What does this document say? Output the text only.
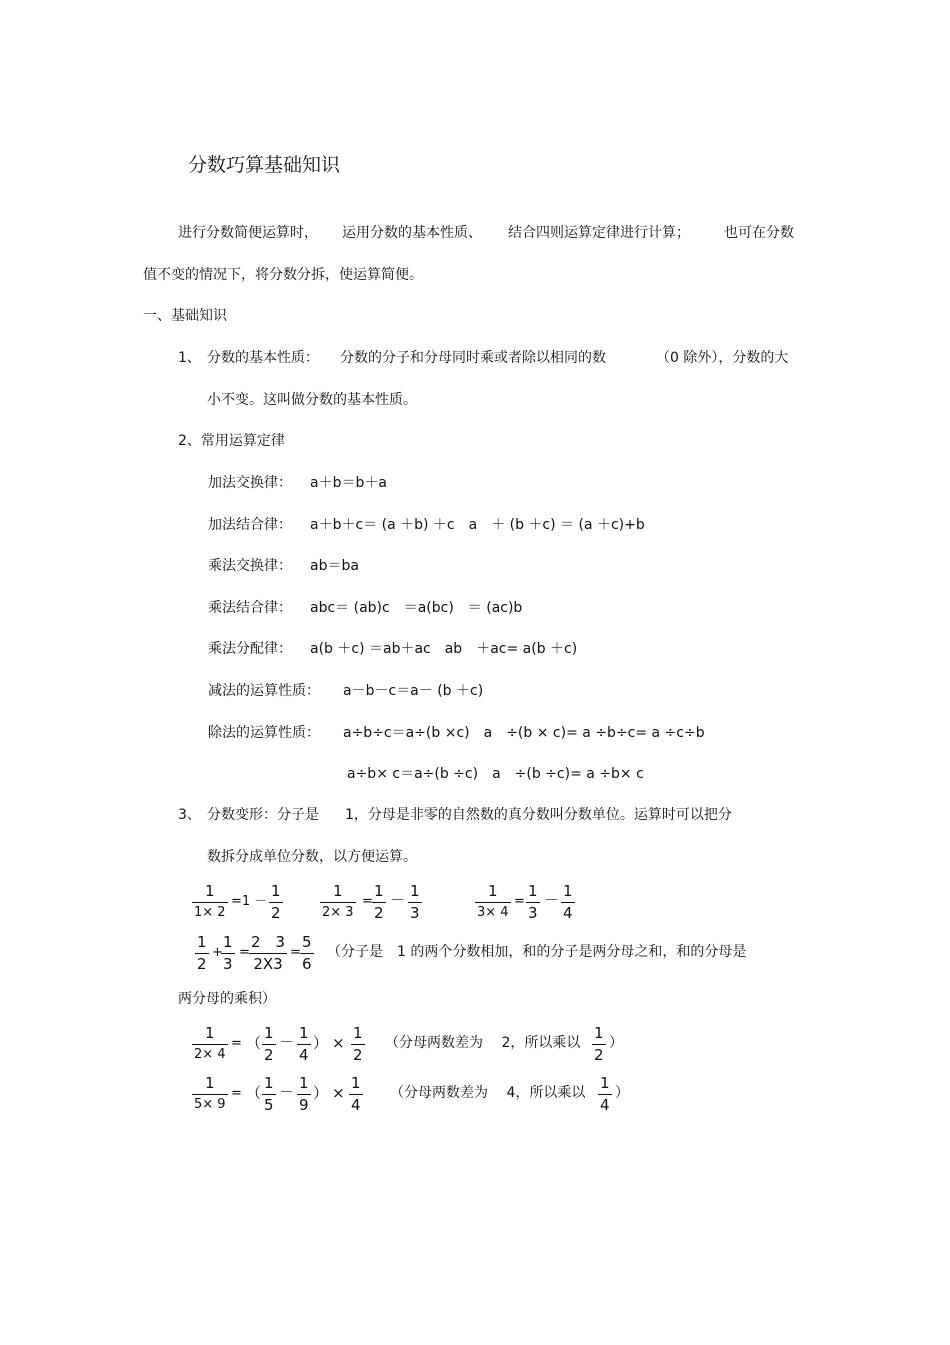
分数巧算基础知识
进行分数简便运算时， 运用分数的基本性质、 结合四则运算定律进行计算； 也可在分数
值不变的情况下，将分数分拆，使运算简便。
一、基础知识
1、 分数的基本性质： 分数的分子和分母同时乘或者除以相同的数	（0 除外），分数的大
小不变。这叫做分数的基本性质。
2、常用运算定律
加法交换律： a＋b＝b＋a
加法结合律： a＋b＋c＝ (a ＋b) ＋c　a　＋ (b ＋c) ＝ (a ＋c)+b
乘法交换律： ab＝ba
乘法结合律： abc＝ (ab)c　＝a(bc)　＝ (ac)b
乘法分配律： a(b ＋c) ＝ab＋ac　ab　＋ac= a(b ＋c)
减法的运算性质： a－b－c＝a－ (b ＋c)
除法的运算性质： a÷b÷c＝a÷(b ×c)　a　÷(b × c)= a ÷b÷c= a ÷c÷b
a÷b× c＝a÷(b ÷c)　a　÷(b ÷c)= a ÷b× c
3、 分数变形：分子是 1，分母是非零的自然数的真分数叫分数单位。运算时可以把分
数拆分成单位分数，以方便运算。
1
1× 2
=1 －
1
2
1
2× 3
=
1
2
－ 1
3
1
3× 4
=
1
3
－ 1
4
1
2
+
1
3
=
2　3
2X3
=
5
6
（分子是　1 的两个分数相加，和的分子是两分母之和，和的分母是
两分母的乘积）
1
2× 4
= （
1
2
－ 1
4
） ×
1
2
（分母两数差为　 2，所以乘以
1
2
）
1
5× 9
= （
1
5
－ 1
9
） ×
1
4
（分母两数差为　 4，所以乘以
1
4
）
